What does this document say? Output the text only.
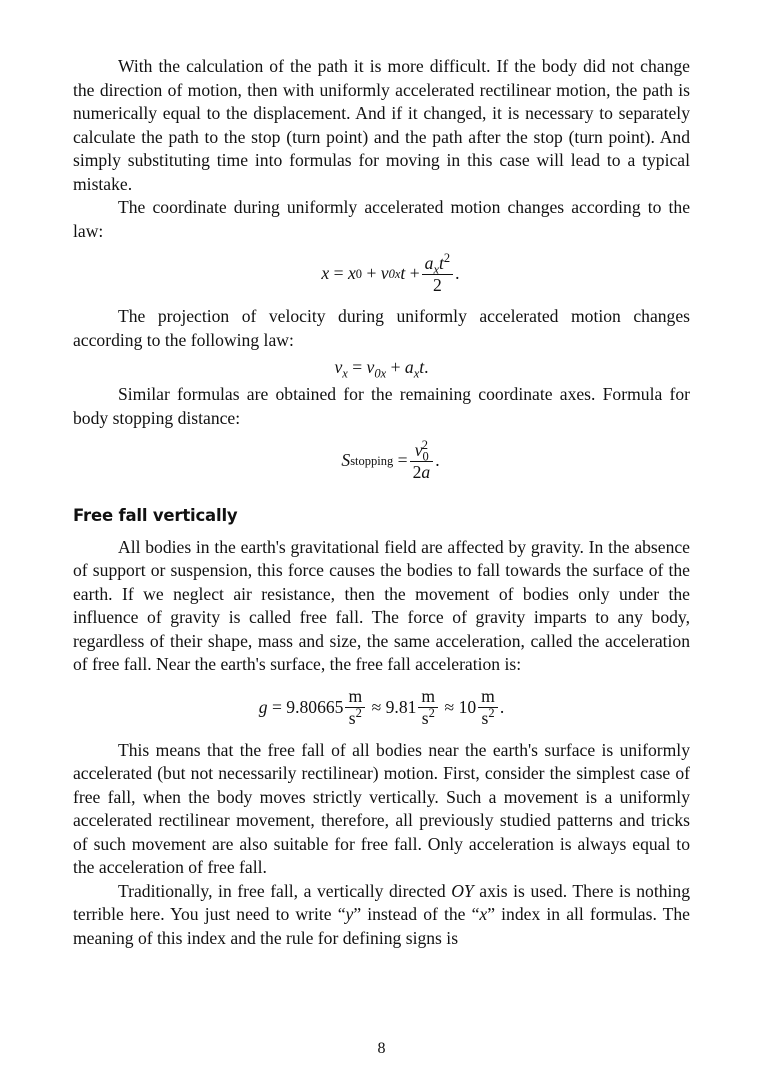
With the calculation of the path it is more difficult. If the body did not change the direction of motion, then with uniformly accelerated rectilinear motion, the path is numerically equal to the displacement. And if it changed, it is necessary to separately calculate the path to the stop (turn point) and the path after the stop (turn point). And simply substituting time into formulas for moving in this case will lead to a typical mistake.

The coordinate during uniformly accelerated motion changes according to the law:

x
=
x 0
+
v 0x t
+ $\frac{a_xt^2}{2}$ .

The projection of velocity during uniformly accelerated motion changes according to the following law:

$v_x = v_{0x} + a_xt$.

Similar formulas are obtained for the remaining coordinate axes. Formula for body stopping distance:

S stopping
= $\frac{v_0^2}{2a}$ .
Free fall vertically

All bodies in the earth's gravitational field are affected by gravity. In the absence of support or suspension, this force causes the bodies to fall towards the surface of the earth. If we neglect air resistance, then the movement of bodies only under the influence of gravity is called free fall. The force of gravity imparts to any body, regardless of their shape, mass and size, the same acceleration, called the acceleration of free fall. Near the earth's surface, the free fall acceleration is:

g
=
$9.80665 \frac{m}{s^2}$
≈
$9.81 \frac{m}{s^2}$
≈
$10 \frac{m}{s^2}$ .

This means that the free fall of all bodies near the earth's surface is uniformly accelerated (but not necessarily rectilinear) motion. First, consider the simplest case of free fall, when the body moves strictly vertically. Such a movement is a uniformly accelerated rectilinear movement, therefore, all previously studied patterns and tricks of such movement are also suitable for free fall. Only acceleration is always equal to the acceleration of free fall.

Traditionally, in free fall, a vertically directed OY axis is used. There is nothing terrible here. You just need to write “y” instead of the “x” index in all formulas. The meaning of this index and the rule for defining signs is

8
